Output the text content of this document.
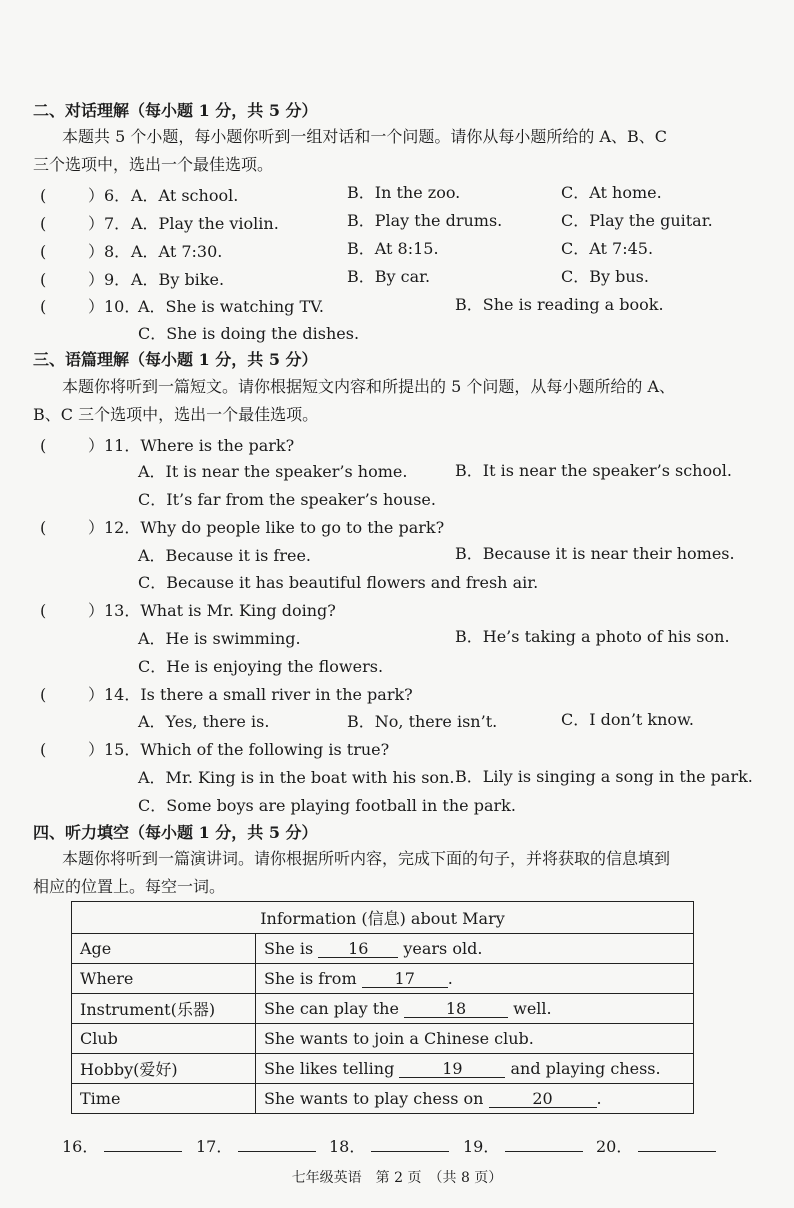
二、对话理解（每小题 1 分，共 5 分）
本题共 5 个小题，每小题你听到一组对话和一个问题。请你从每小题所给的 A、B、C
三个选项中，选出一个最佳选项。
(	）6． A．At school.	B．In the zoo.	C．At home.
(	）7． A．Play the violin.	B．Play the drums.	C．Play the guitar.
(	）8． A．At 7:30.	B．At 8:15.	C．At 7:45.
(	）9． A．By bike.	B．By car.	C．By bus.
(	）10．
A．She is watching TV.	B．She is reading a book.
C．She is doing the dishes.
三、语篇理解（每小题 1 分，共 5 分）
本题你将听到一篇短文。请你根据短文内容和所提出的 5 个问题，从每小题所给的 A、
B、C 三个选项中，选出一个最佳选项。
(	）11．Where is the park?
A．It is near the speaker’s home.	B．It is near the speaker’s school.
C．It’s far from the speaker’s house.
(	）12．Why do people like to go to the park?
A．Because it is free.	B．Because it is near their homes.
C．Because it has beautiful flowers and fresh air.
(	）13．What is Mr. King doing?
A．He is swimming.	B．He’s taking a photo of his son.
C．He is enjoying the flowers.
(	）14．Is there a small river in the park?
A．Yes, there is.	B．No, there isn’t.	C．I don’t know.
(	）15．Which of the following is true?
A．Mr. King is in the boat with his son. B．Lily is singing a song in the park.
C．Some boys are playing football in the park.
四、听力填空（每小题 1 分，共 5 分）
本题你将听到一篇演讲词。请你根据所听内容，完成下面的句子，并将获取的信息填到
相应的位置上。每空一词。
Information (信息) about Mary	
Age	She is 16 years old.
Where	She is from 17 .
Instrument(乐器)	She can play the 18 well.
Club	She wants to join a Chinese club.
Hobby(爱好)	She likes telling 19 and playing chess.
Time	She wants to play chess on 20 .
16．	17．	18．	19．	20．
七年级英语　第 2 页　（共 8 页）
